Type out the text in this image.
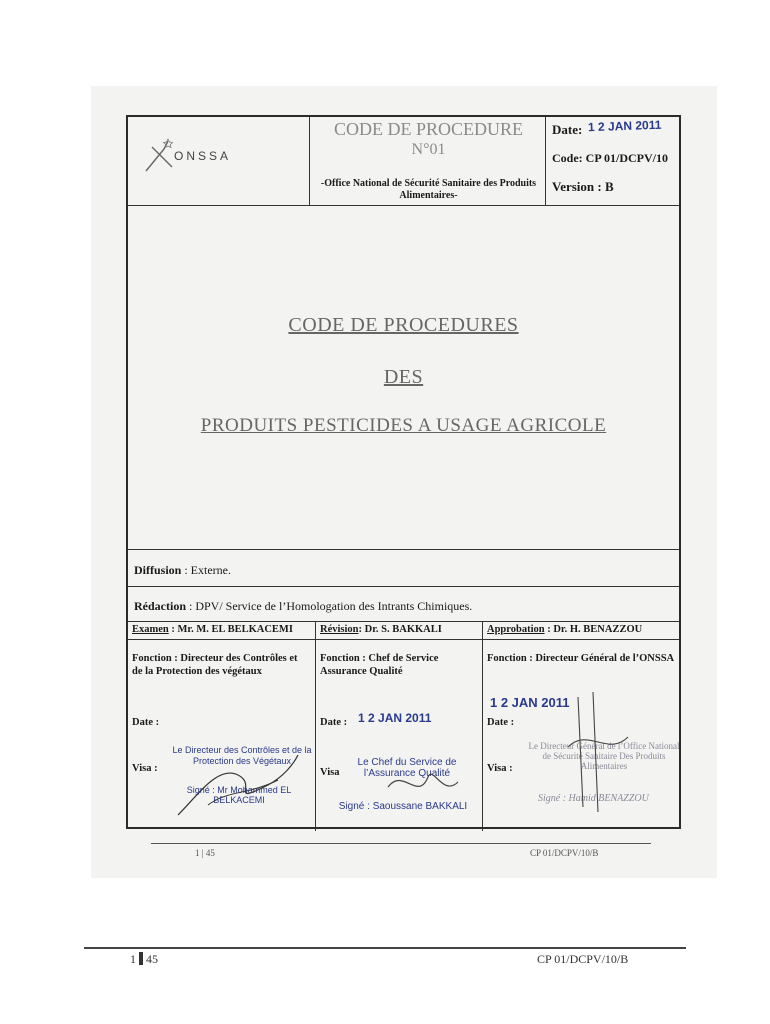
ONSSA
CODE DE PROCEDURE
N°01
-Office National de Sécurité Sanitaire des Produits Alimentaires-
Date: 1 2 JAN 2011
Code: CP 01/DCPV/10
Version : B
CODE DE PROCEDURES
DES
PRODUITS PESTICIDES A USAGE AGRICOLE
Diffusion : Externe.
Rédaction : DPV/ Service de l’Homologation des Intrants Chimiques.
Examen : Mr. M. EL BELKACEMI
Fonction : Directeur des Contrôles et de la Protection des végétaux
Date :
Visa :
Le Directeur des Contrôles et de la Protection des Végétaux
Signé : Mr Mohammed EL BELKACEMI
Révision: Dr. S. BAKKALI
Fonction : Chef de Service Assurance Qualité
Date : 1 2 JAN 2011
Visa
Le Chef du Service de l’Assurance Qualité
Signé : Saoussane BAKKALI
Approbation : Dr. H. BENAZZOU
Fonction : Directeur Général de l’ONSSA
1 2 JAN 2011
Date :
Visa :
Le Directeur Général de l’Office National de Sécurité Sanitaire Des Produits Alimentaires
Signé : Hamid BENAZZOU
1 | 45	CP 01/DCPV/10/B
1 45	CP 01/DCPV/10/B
